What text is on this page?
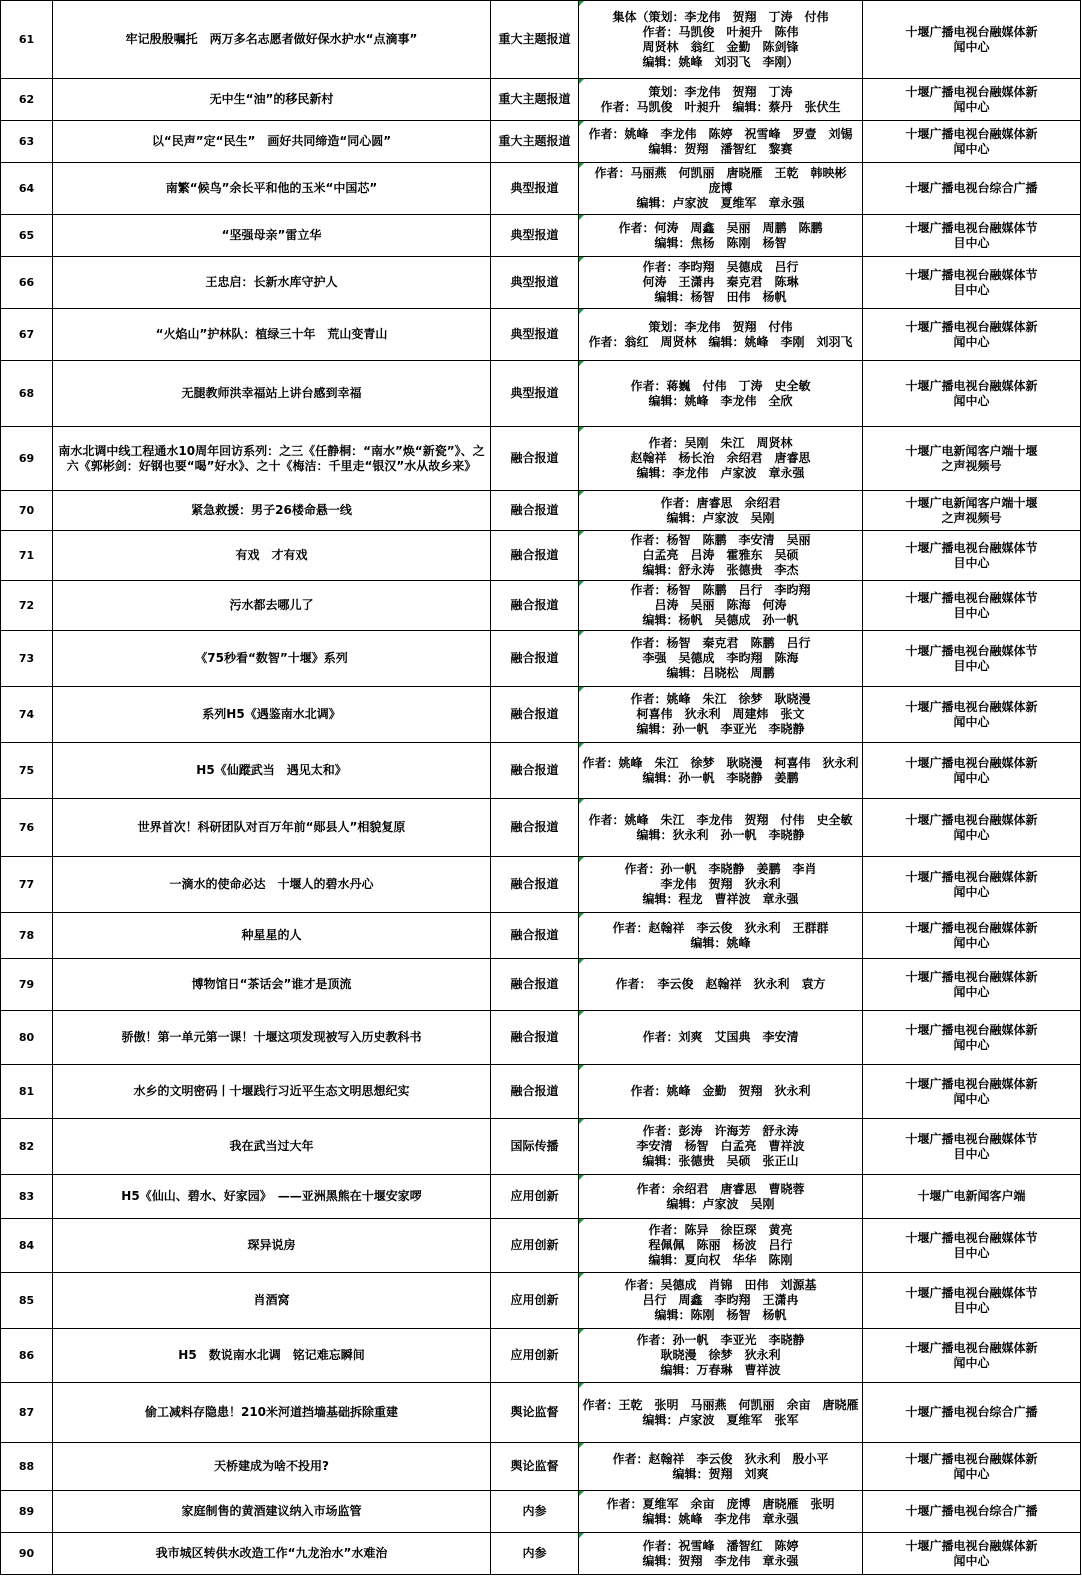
61	牢记殷殷嘱托　两万多名志愿者做好保水护水“点滴事”	重大主题报道	集体（策划：李龙伟　贺翔　丁涛　付伟
作者：马凯俊　叶昶升　陈伟
周贤林　翁红　金勤　陈剑锋
编辑：姚峰　刘羽飞　李刚）	十堰广播电视台融媒体新
闻中心

62	无中生“油”的移民新村	重大主题报道	策划：李龙伟　贺翔　丁涛
作者：马凯俊　叶昶升　编辑：蔡丹　张伏生	十堰广播电视台融媒体新
闻中心

63	以“民声”定“民生”　画好共同缔造“同心圆”	重大主题报道	作者：姚峰　李龙伟　陈婷　祝雪峰　罗壹　刘锡
编辑：贺翔　潘智红　黎赛	十堰广播电视台融媒体新
闻中心

64	南繁“候鸟”余长平和他的玉米“中国芯”	典型报道	作者：马丽燕　何凯丽　唐晓雁　王乾　韩映彬
庞博
编辑：卢家波　夏维军　章永强	十堰广播电视台综合广播

65	“坚强母亲”雷立华	典型报道	作者：何涛　周鑫　吴丽　周鹏　陈鹏
编辑：焦杨　陈刚　杨智	十堰广播电视台融媒体节
目中心

66	王忠启：长新水库守护人	典型报道	作者：李昀翔　吴德成　吕行
何涛　王潇冉　秦克君　陈琳
编辑：杨智　田伟　杨帆	十堰广播电视台融媒体节
目中心

67	“火焰山”护林队：植绿三十年　荒山变青山	典型报道	策划：李龙伟　贺翔　付伟
作者：翁红　周贤林　编辑：姚峰　李刚　刘羽飞	十堰广播电视台融媒体新
闻中心

68	无腿教师洪幸福站上讲台感到幸福	典型报道	作者：蒋巍　付伟　丁涛　史全敏
编辑：姚峰　李龙伟　全欣	十堰广播电视台融媒体新
闻中心

69	南水北调中线工程通水10周年回访系列：之三《任静桐：“南水”焕“新瓷”》、之六《郭彬剑：好钢也要“喝”好水》、之十《梅洁：千里走“银汉”水从故乡来》	融合报道	作者：吴刚　朱江　周贤林
赵翰祥　杨长治　余绍君　唐睿思
编辑：李龙伟　卢家波　章永强	十堰广电新闻客户端十堰
之声视频号

70	紧急救援：男子26楼命悬一线	融合报道	作者：唐睿思　余绍君
编辑：卢家波　吴刚	十堰广电新闻客户端十堰
之声视频号

71	有戏　才有戏	融合报道	作者：杨智　陈鹏　李安清　吴丽
白孟亮　吕涛　霍雅东　吴硕
编辑：舒永涛　张德贵　李杰	十堰广播电视台融媒体节
目中心

72	污水都去哪儿了	融合报道	作者：杨智　陈鹏　吕行　李昀翔
吕涛　吴丽　陈海　何涛
编辑：杨帆　吴德成　孙一帆	十堰广播电视台融媒体节
目中心

73	《75秒看“数智”十堰》系列	融合报道	作者：杨智　秦克君　陈鹏　吕行
李强　吴德成　李昀翔　陈海
编辑：吕晓松　周鹏	十堰广播电视台融媒体节
目中心

74	系列H5《遇鉴南水北调》	融合报道	作者：姚峰　朱江　徐梦　耿晓漫
柯喜伟　狄永利　周建炜　张文
编辑：孙一帆　李亚光　李晓静	十堰广播电视台融媒体新
闻中心

75	H5《仙蹤武当　遇见太和》	融合报道	作者：姚峰　朱江　徐梦　耿晓漫　柯喜伟　狄永利
编辑：孙一帆　李晓静　姜鹏	十堰广播电视台融媒体新
闻中心

76	世界首次！科研团队对百万年前“郧县人”相貌复原	融合报道	作者：姚峰　朱江　李龙伟　贺翔　付伟　史全敏
编辑：狄永利　孙一帆　李晓静	十堰广播电视台融媒体新
闻中心

77	一滴水的使命必达　十堰人的碧水丹心	融合报道	作者：孙一帆　李晓静　姜鹏　李肖
李龙伟　贺翔　狄永利
编辑：程龙　曹祥波　章永强	十堰广播电视台融媒体新
闻中心

78	种星星的人	融合报道	作者：赵翰祥　李云俊　狄永利　王群群
编辑：姚峰	十堰广播电视台融媒体新
闻中心

79	博物馆日“茶话会”谁才是顶流	融合报道	作者：　李云俊　赵翰祥　狄永利　袁方	十堰广播电视台融媒体新
闻中心

80	骄傲！第一单元第一课！十堰这项发现被写入历史教科书	融合报道	作者：刘爽　艾国典　李安清	十堰广播电视台融媒体新
闻中心

81	水乡的文明密码丨十堰践行习近平生态文明思想纪实	融合报道	作者：姚峰　金勤　贺翔　狄永利	十堰广播电视台融媒体新
闻中心

82	我在武当过大年	国际传播	作者：彭涛　许海芳　舒永涛
李安清　杨智　白孟亮　曹祥波
编辑：张德贵　吴硕　张正山	十堰广播电视台融媒体节
目中心

83	H5《仙山、碧水、好家园》　——亚洲黑熊在十堰安家啰	应用创新	作者：余绍君　唐睿思　曹晓蓉
编辑：卢家波　吴刚	十堰广电新闻客户端

84	琛异说房	应用创新	作者：陈异　徐臣琛　黄亮
程佩佩　陈丽　杨波　吕行
编辑：夏向权　华华　陈刚	十堰广播电视台融媒体节
目中心

85	肖酒窝	应用创新	作者：吴德成　肖锦　田伟　刘源基
吕行　周鑫　李昀翔　王潇冉
编辑：陈刚　杨智　杨帆	十堰广播电视台融媒体节
目中心

86	H5　数说南水北调　铭记难忘瞬间	应用创新	作者：孙一帆　李亚光　李晓静
耿晓漫　徐梦　狄永利
编辑：万春琳　曹祥波	十堰广播电视台融媒体新
闻中心

87	偷工减料存隐患！210米河道挡墙基础拆除重建	舆论监督	作者：王乾　张明　马丽燕　何凯丽　余亩　唐晓雁
编辑：卢家波　夏维军　张军	十堰广播电视台综合广播

88	天桥建成为啥不投用?	舆论监督	作者：赵翰祥　李云俊　狄永利　殷小平
编辑：贺翔　刘爽	十堰广播电视台融媒体新
闻中心

89	家庭制售的黄酒建议纳入市场监管	内参	作者：夏维军　余亩　庞博　唐晓雁　张明
编辑：姚峰　李龙伟　章永强	十堰广播电视台综合广播

90	我市城区转供水改造工作“九龙治水”水难治	内参	作者：祝雪峰　潘智红　陈婷
编辑：贺翔　李龙伟　章永强	十堰广播电视台融媒体新
闻中心
